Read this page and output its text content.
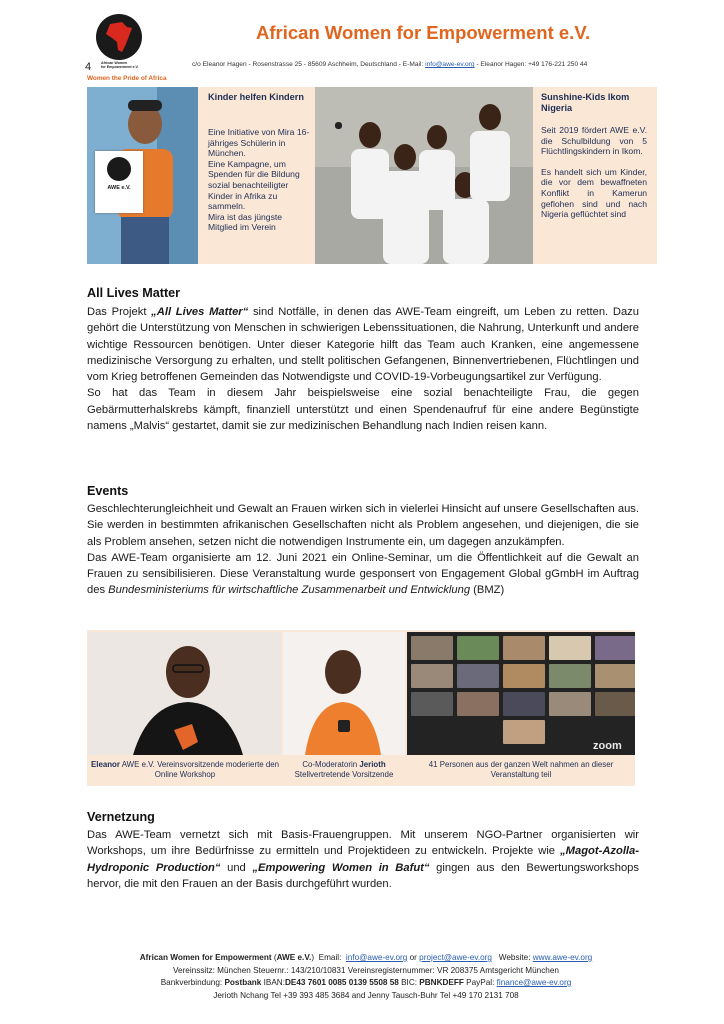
African Women
for Empowerment e.V.
4
African Women for Empowerment e.V.
c/o Eleanor Hagen - Rosenstrasse 25 - 85609 Aschheim, Deutschland - E-Mail: info@awe-ev.org - Eleanor Hagen: +49 176-221 250 44
Women the Pride of Africa
AWE e.V.
Kinder helfen Kindern

Eine Initiative von Mira 16-jähriges Schülerin in München.

Eine Kampagne, um Spenden für die Bildung sozial benachteiligter Kinder in Afrika zu sammeln.

Mira ist das jüngste Mitglied im Verein

Sunshine-Kids Ikom Nigeria

Seit 2019 fördert AWE e.V. die Schulbildung von 5 Flüchtlingskindern in Ikom.

Es handelt sich um Kinder, die vor dem bewaffneten Konflikt in Kamerun geflohen sind und nach Nigeria geflüchtet sind

All Lives Matter

Das Projekt „All Lives Matter“ sind Notfälle, in denen das AWE-Team eingreift, um Leben zu retten. Dazu gehört die Unterstützung von Menschen in schwierigen Lebenssituationen, die Nahrung, Unterkunft und andere wichtige Ressourcen benötigen. Unter dieser Kategorie hilft das Team auch Kranken, eine angemessene medizinische Versorgung zu erhalten, und stellt politischen Gefangenen, Binnenvertriebenen, Flüchtlingen und vom Krieg betroffenen Gemeinden das Notwendigste und COVID-19-Vorbeugungsartikel zur Verfügung.

So hat das Team in diesem Jahr beispielsweise eine sozial benachteiligte Frau, die gegen Gebärmutterhalskrebs kämpft, finanziell unterstützt und einen Spendenaufruf für eine andere Begünstigte namens „Malvis“ gestartet, damit sie zur medizinischen Behandlung nach Indien reisen kann.

Events

Geschlechterungleichheit und Gewalt an Frauen wirken sich in vielerlei Hinsicht auf unsere Gesellschaften aus. Sie werden in bestimmten afrikanischen Gesellschaften nicht als Problem angesehen, und diejenigen, die sie als Problem ansehen, setzen nicht die notwendigen Instrumente ein, um dagegen anzukämpfen.

Das AWE-Team organisierte am 12. Juni 2021 ein Online-Seminar, um die Öffentlichkeit auf die Gewalt an Frauen zu sensibilisieren. Diese Veranstaltung wurde gesponsert von Engagement Global gGmbH im Auftrag des Bundesministeriums für wirtschaftliche Zusammenarbeit und Entwicklung (BMZ)

zoom
Eleanor AWE e.V. Vereinsvorsitzende moderierte den Online Workshop
Co-Moderatorin Jerioth
Stellvertretende Vorsitzende
41 Personen aus der ganzen Welt nahmen an dieser Veranstaltung teil
Vernetzung

Das AWE-Team vernetzt sich mit Basis-Frauengruppen. Mit unserem NGO-Partner organisierten wir Workshops, um ihre Bedürfnisse zu ermitteln und Projektideen zu entwickeln. Projekte wie „Magot-Azolla-Hydroponic Production“ und „Empowering Women in Bafut“ gingen aus den Bewertungsworkshops hervor, die mit den Frauen an der Basis durchgeführt wurden.

African Women for Empowerment (AWE e.V.) Email: info@awe-ev.org or project@awe-ev.org Website: www.awe-ev.org
Vereinssitz: München Steuernr.: 143/210/10831 Vereinsregisternummer: VR 208375 Amtsgericht München
Bankverbindung: Postbank IBAN:DE43 7601 0085 0139 5508 58 BIC: PBNKDEFF PayPal: finance@awe-ev.org
Jerioth Nchang Tel +39 393 485 3684 and Jenny Tausch-Buhr Tel +49 170 2131 708
